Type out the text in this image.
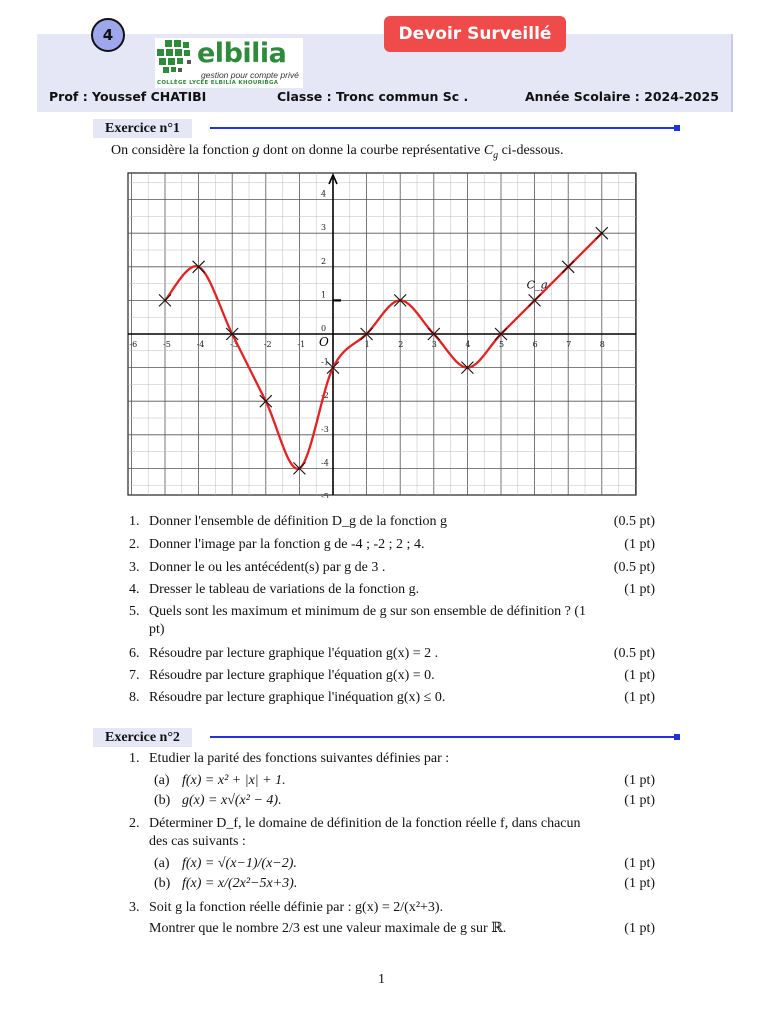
4	Devoir Surveillé
elbilia
gestion pour compte privé
COLLÈGE LYCÉE ELBILIA KHOURIBGA
Prof : Youssef CHATIBI	Classe : Tronc commun Sc .	Année Scolaire : 2024-2025
Exercice n°1
On considère la fonction g dont on donne la courbe représentative $C_g$ ci-dessous.
-6	-5	-4	-3	-2	-1	1	2	3	4	5	6	7	8
4
3
2
1
0
-1
-2
-3
-4
-5
O
C_g
1. Donner l'ensemble de définition D_g de la fonction g	(0.5 pt)
2. Donner l'image par la fonction g de -4 ; -2 ; 2 ; 4.	(1 pt)
3. Donner le ou les antécédent(s) par g de 3 .	(0.5 pt)
4. Dresser le tableau de variations de la fonction g.	(1 pt)
5. Quels sont les maximum et minimum de g sur son ensemble de définition ? (1
pt)
6. Résoudre par lecture graphique l'équation g(x) = 2 .	(0.5 pt)
7. Résoudre par lecture graphique l'équation g(x) = 0.	(1 pt)
8. Résoudre par lecture graphique l'inéquation g(x) ≤ 0.	(1 pt)
Exercice n°2
1. Etudier la parité des fonctions suivantes définies par :
(a) f(x) = x² + |x| + 1.	(1 pt)
(b) g(x) = x√(x² − 4).	(1 pt)
2. Déterminer D_f, le domaine de définition de la fonction réelle f, dans chacun
des cas suivants :
(a) f(x) = √(x−1)/(x−2).	(1 pt)
(b) f(x) = x/(2x²−5x+3).	(1 pt)
3. Soit g la fonction réelle définie par : g(x) = 2/(x²+3).
Montrer que le nombre 2/3 est une valeur maximale de g sur ℝ.	(1 pt)
1
